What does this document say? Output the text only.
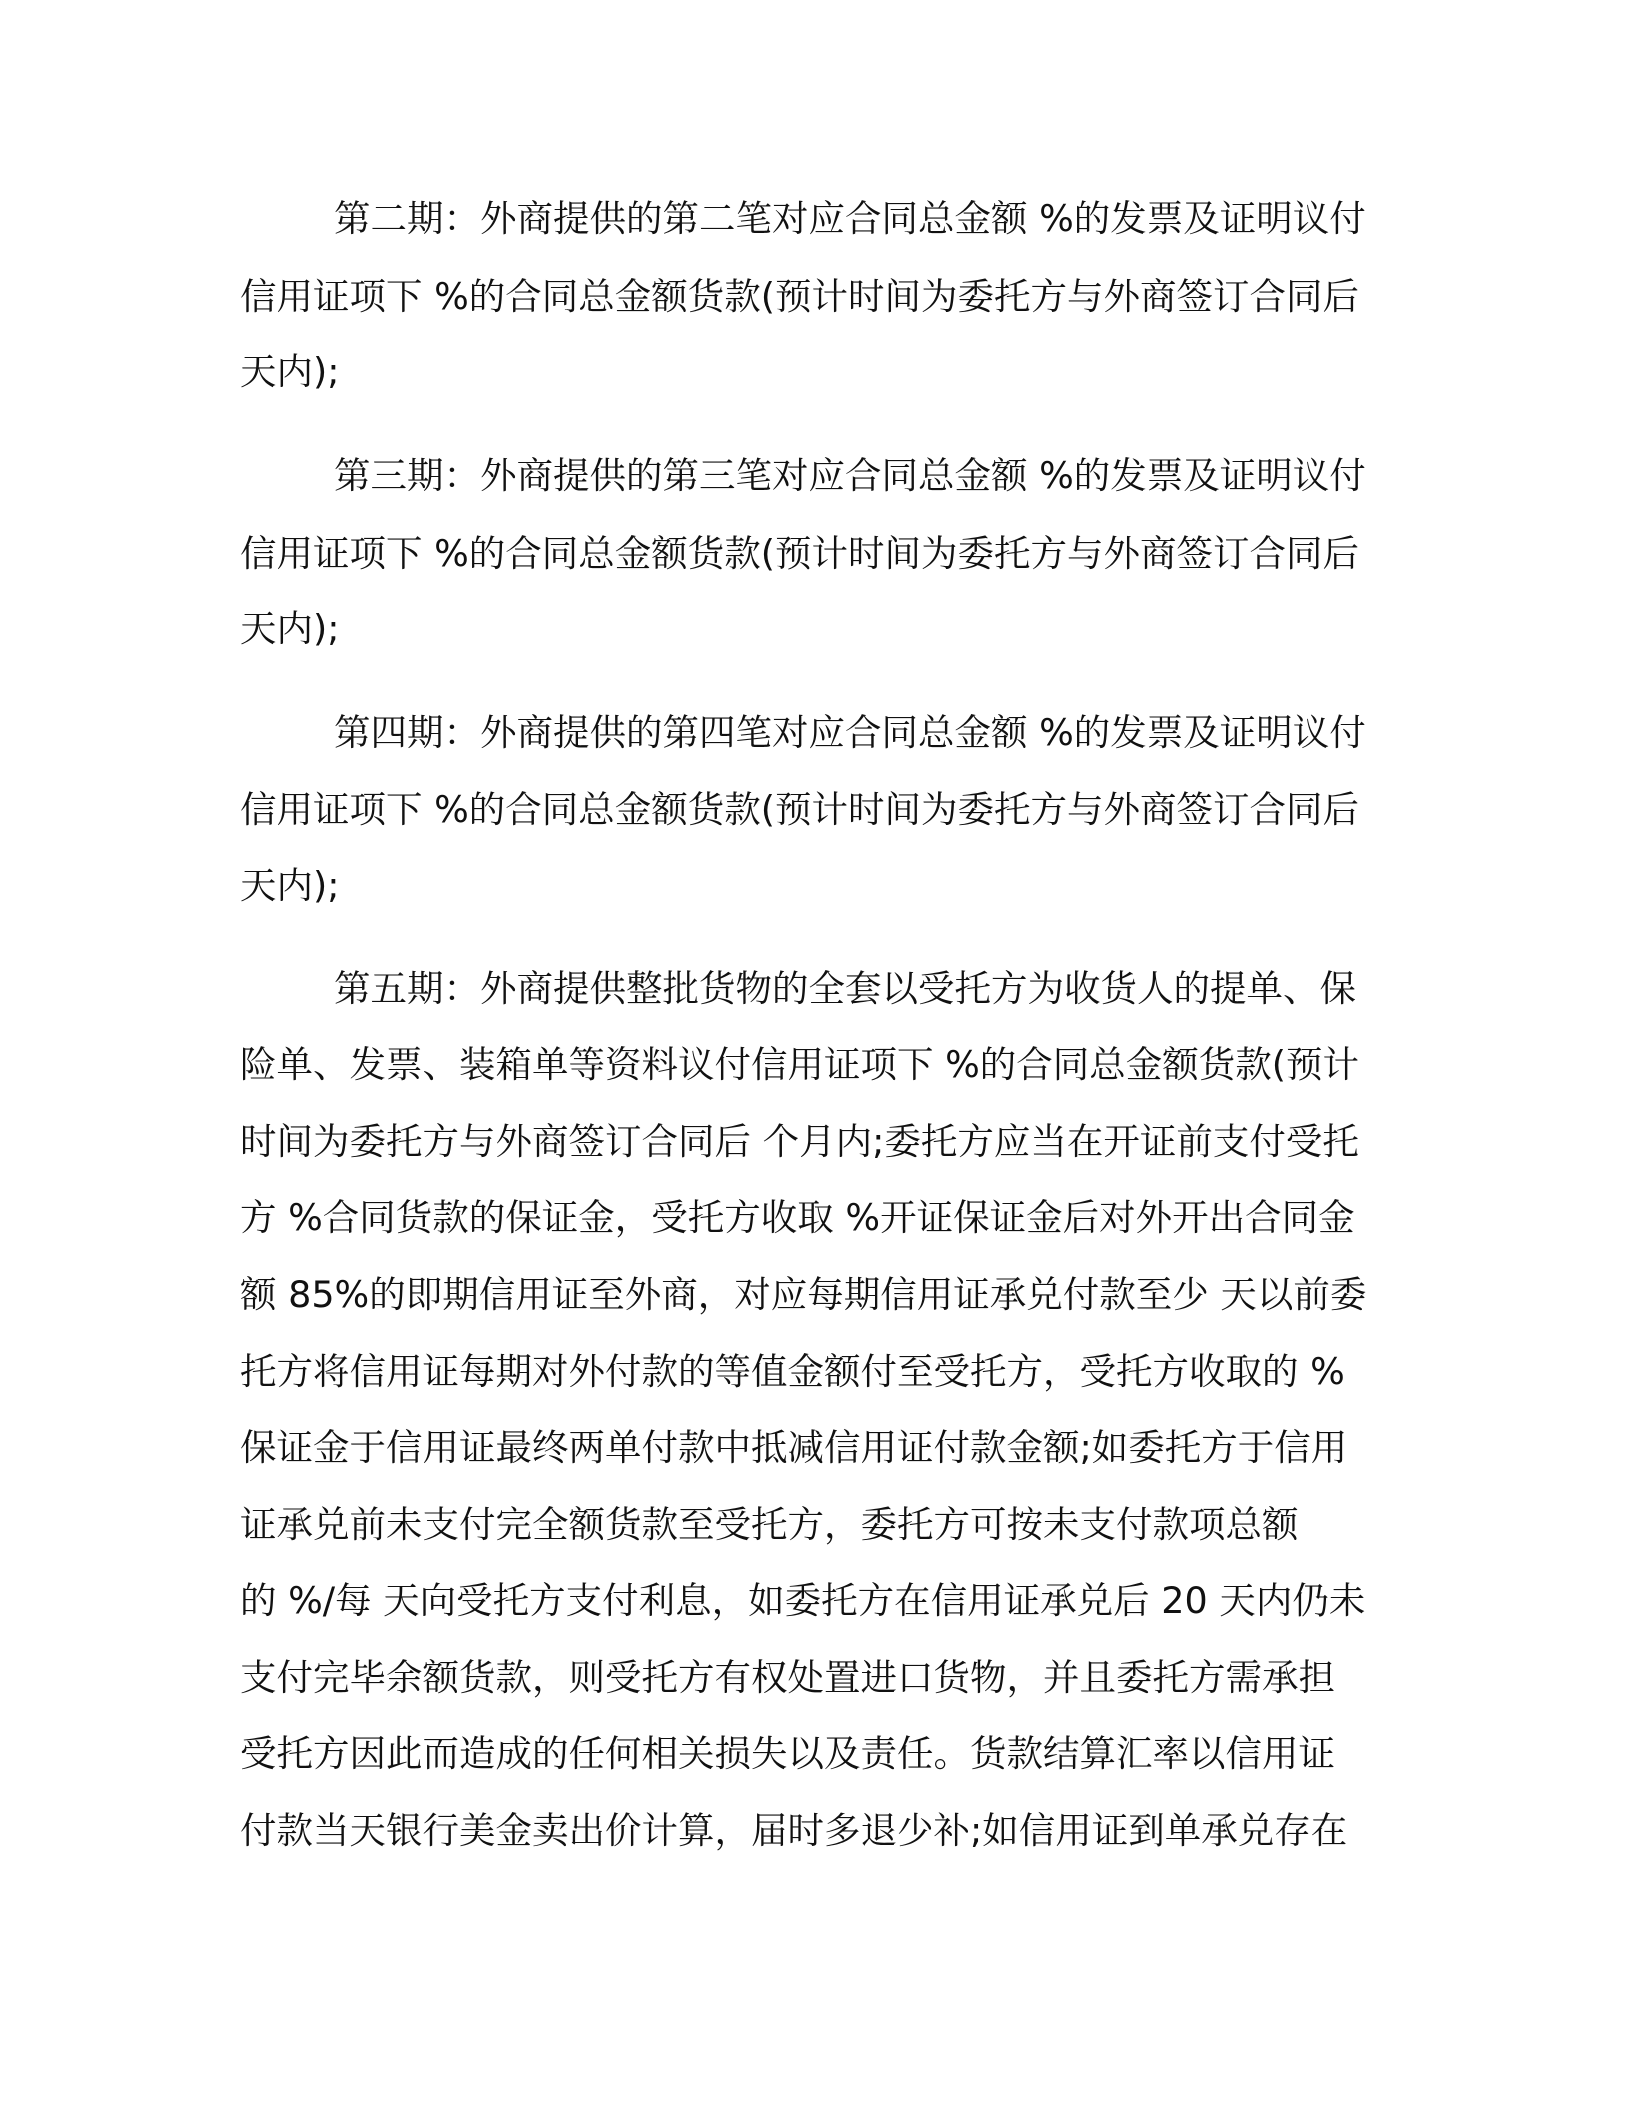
第二期：外商提供的第二笔对应合同总金额 %的发票及证明议付
信用证项下 %的合同总金额货款(预计时间为委托方与外商签订合同后
天内);
第三期：外商提供的第三笔对应合同总金额 %的发票及证明议付
信用证项下 %的合同总金额货款(预计时间为委托方与外商签订合同后
天内);
第四期：外商提供的第四笔对应合同总金额 %的发票及证明议付
信用证项下 %的合同总金额货款(预计时间为委托方与外商签订合同后
天内);
第五期：外商提供整批货物的全套以受托方为收货人的提单、保
险单、发票、装箱单等资料议付信用证项下 %的合同总金额货款(预计
时间为委托方与外商签订合同后 个月内;委托方应当在开证前支付受托
方 %合同货款的保证金，受托方收取 %开证保证金后对外开出合同金
额 85%的即期信用证至外商，对应每期信用证承兑付款至少 天以前委
托方将信用证每期对外付款的等值金额付至受托方，受托方收取的 %
保证金于信用证最终两单付款中抵减信用证付款金额;如委托方于信用
证承兑前未支付完全额货款至受托方，委托方可按未支付款项总额
的 %/每 天向受托方支付利息，如委托方在信用证承兑后 20 天内仍未
支付完毕余额货款，则受托方有权处置进口货物，并且委托方需承担
受托方因此而造成的任何相关损失以及责任。货款结算汇率以信用证
付款当天银行美金卖出价计算，届时多退少补;如信用证到单承兑存在
